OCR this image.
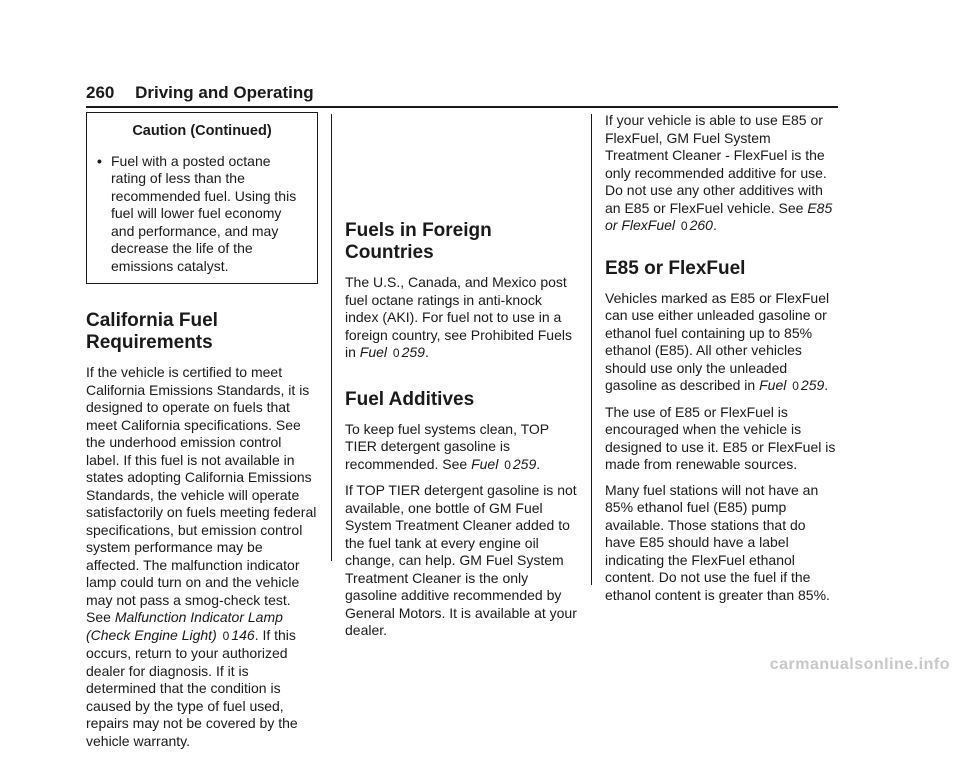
260 Driving and Operating
Caution (Continued)
• Fuel with a posted octane rating of less than the recommended fuel. Using this fuel will lower fuel economy and performance, and may decrease the life of the emissions catalyst.
California Fuel Requirements

If the vehicle is certified to meet California Emissions Standards, it is designed to operate on fuels that meet California specifications. See the underhood emission control label. If this fuel is not available in states adopting California Emissions Standards, the vehicle will operate satisfactorily on fuels meeting federal specifications, but emission control system performance may be affected. The malfunction indicator lamp could turn on and the vehicle may not pass a smog-check test. See Malfunction Indicator Lamp (Check Engine Light) 0 146. If this occurs, return to your authorized dealer for diagnosis. If it is determined that the condition is caused by the type of fuel used, repairs may not be covered by the vehicle warranty.

Fuels in Foreign Countries

The U.S., Canada, and Mexico post fuel octane ratings in anti-knock index (AKI). For fuel not to use in a foreign country, see Prohibited Fuels in Fuel 0 259.

Fuel Additives

To keep fuel systems clean, TOP TIER detergent gasoline is recommended. See Fuel 0 259.

If TOP TIER detergent gasoline is not available, one bottle of GM Fuel System Treatment Cleaner added to the fuel tank at every engine oil change, can help. GM Fuel System Treatment Cleaner is the only gasoline additive recommended by General Motors. It is available at your dealer.

If your vehicle is able to use E85 or FlexFuel, GM Fuel System Treatment Cleaner - FlexFuel is the only recommended additive for use. Do not use any other additives with an E85 or FlexFuel vehicle. See E85 or FlexFuel 0 260.

E85 or FlexFuel

Vehicles marked as E85 or FlexFuel can use either unleaded gasoline or ethanol fuel containing up to 85% ethanol (E85). All other vehicles should use only the unleaded gasoline as described in Fuel 0 259.

The use of E85 or FlexFuel is encouraged when the vehicle is designed to use it. E85 or FlexFuel is made from renewable sources.

Many fuel stations will not have an 85% ethanol fuel (E85) pump available. Those stations that do have E85 should have a label indicating the FlexFuel ethanol content. Do not use the fuel if the ethanol content is greater than 85%.

carmanualsonline.info
